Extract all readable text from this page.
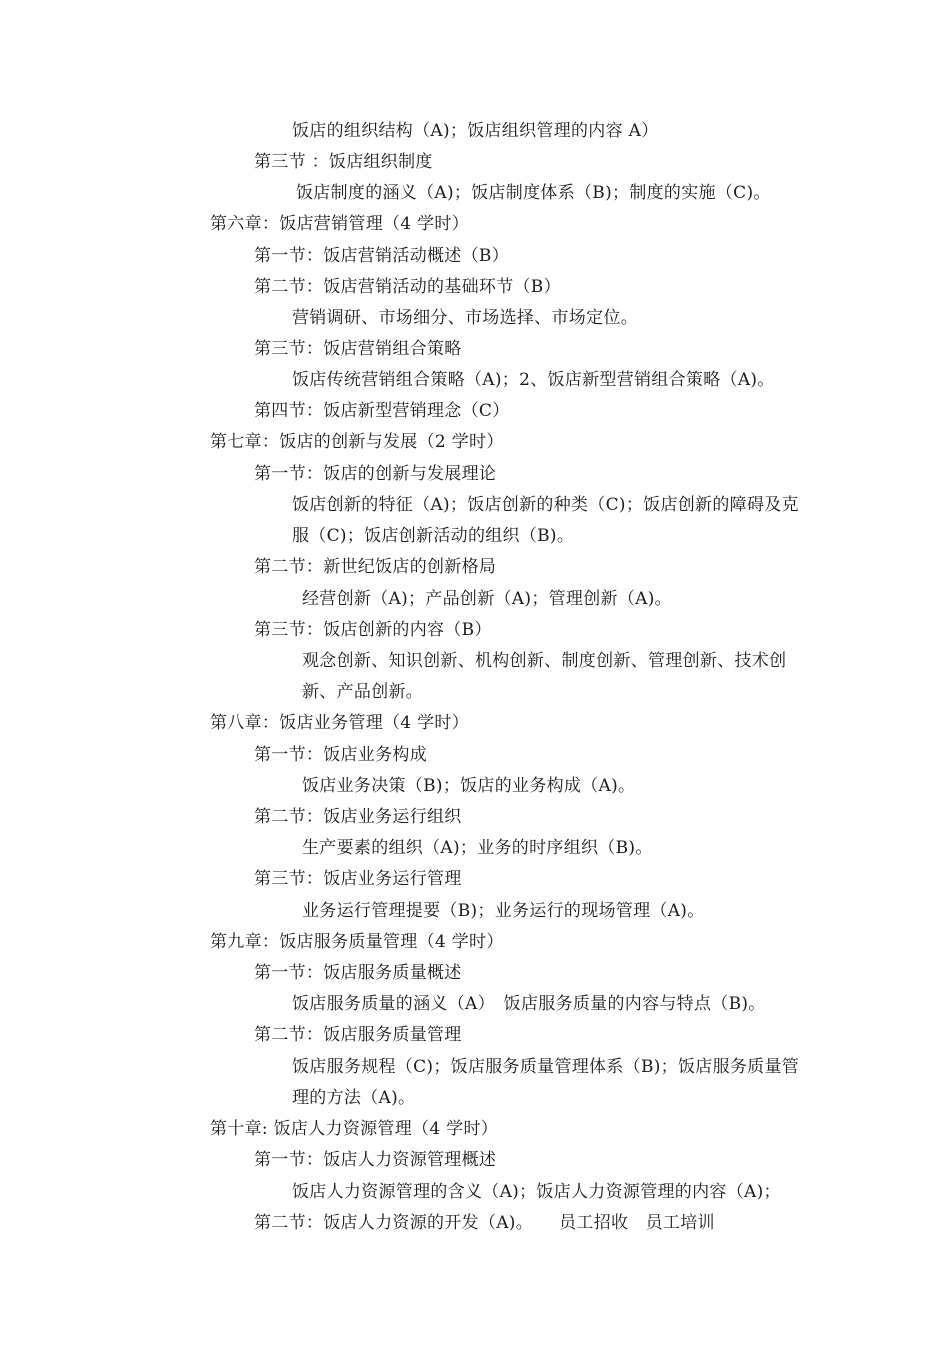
饭店的组织结构（A)；饭店组织管理的内容 A）
第三节 ：饭店组织制度
饭店制度的涵义（A)；饭店制度体系（B)；制度的实施（C)。
第六章：饭店营销管理（4 学时）
第一节：饭店营销活动概述（B）
第二节：饭店营销活动的基础环节（B）
营销调研、市场细分、市场选择、市场定位。
第三节：饭店营销组合策略
饭店传统营销组合策略（A)；2、饭店新型营销组合策略（A)。
第四节：饭店新型营销理念（C）
第七章：饭店的创新与发展（2 学时）
第一节：饭店的创新与发展理论
饭店创新的特征（A)；饭店创新的种类（C)；饭店创新的障碍及克
服（C)；饭店创新活动的组织（B)。
第二节：新世纪饭店的创新格局
经营创新（A)；产品创新（A)；管理创新（A)。
第三节：饭店创新的内容（B）
观念创新、知识创新、机构创新、制度创新、管理创新、技术创
新、产品创新。
第八章：饭店业务管理（4 学时）
第一节：饭店业务构成
饭店业务决策（B)；饭店的业务构成（A)。
第二节：饭店业务运行组织
生产要素的组织（A)；业务的时序组织（B)。
第三节：饭店业务运行管理
业务运行管理提要（B)；业务运行的现场管理（A)。
第九章：饭店服务质量管理（4 学时）
第一节：饭店服务质量概述
饭店服务质量的涵义（A）　饭店服务质量的内容与特点（B)。
第二节：饭店服务质量管理
饭店服务规程（C)；饭店服务质量管理体系（B)；饭店服务质量管
理的方法（A)。
第十章: 饭店人力资源管理（4 学时）
第一节：饭店人力资源管理概述
饭店人力资源管理的含义（A)；饭店人力资源管理的内容（A)；
第二节：饭店人力资源的开发（A)。　　员工招收　员工培训
